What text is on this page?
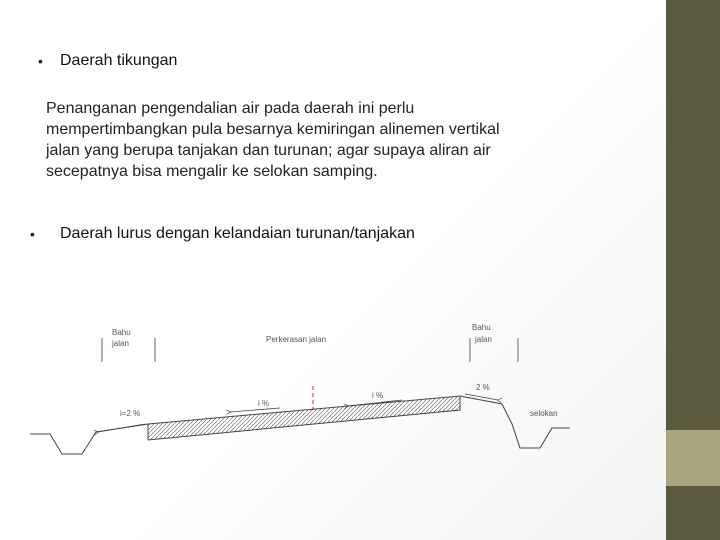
•	Daerah tikungan
Penanganan pengendalian air pada daerah ini perlu
mempertimbangkan pula besarnya kemiringan alinemen vertikal
jalan yang berupa tanjakan dan turunan; agar supaya aliran air
secepatnya bisa mengalir ke selokan samping.
•	Daerah lurus dengan kelandaian turunan/tanjakan
Bahu
jalan	Perkerasan jalan
Bahu
jalan
i=2 %
i %
i %
2 %
selokan
